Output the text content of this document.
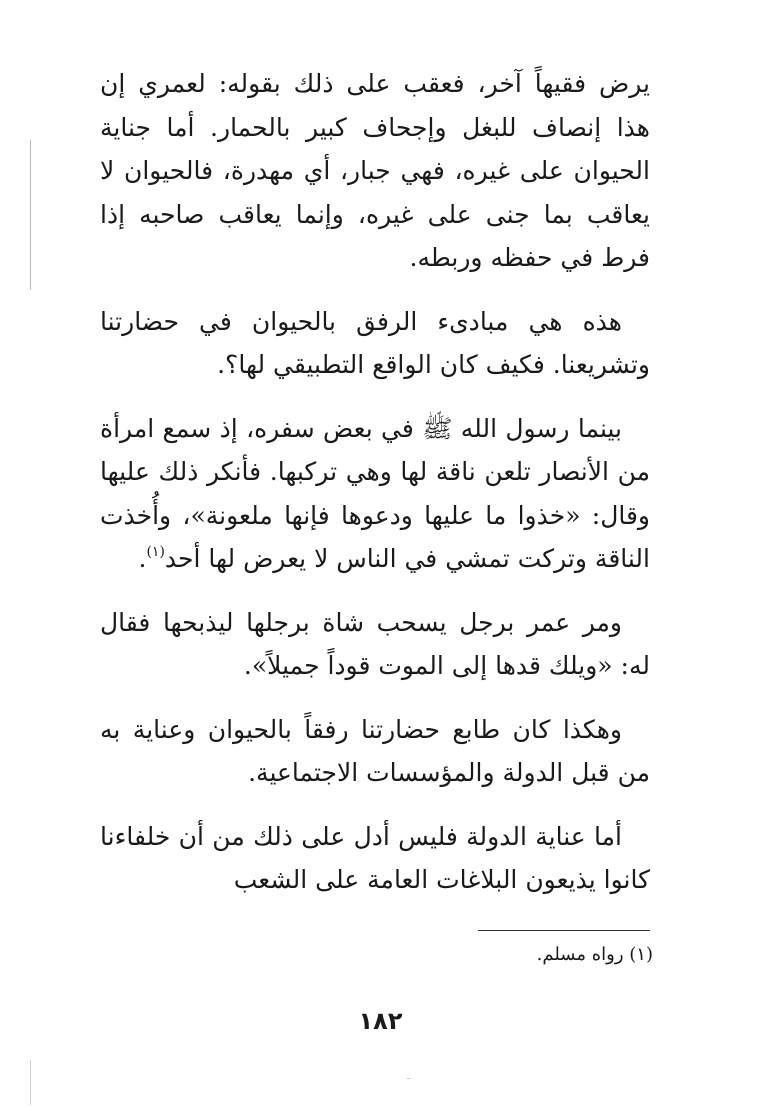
يرض فقيهاً آخر، فعقب على ذلك بقوله: لعمري إن هذا إنصاف للبغل وإجحاف كبير بالحمار. أما جناية الحيوان على غيره، فهي جبار، أي مهدرة، فالحيوان لا يعاقب بما جنى على غيره، وإنما يعاقب صاحبه إذا فرط في حفظه وربطه.

هذه هي مبادىء الرفق بالحيوان في حضارتنا وتشريعنا. فكيف كان الواقع التطبيقي لها؟.

بينما رسول الله ﷺ في بعض سفره، إذ سمع امرأة من الأنصار تلعن ناقة لها وهي تركبها. فأنكر ذلك عليها وقال: «خذوا ما عليها ودعوها فإنها ملعونة»، وأُخذت الناقة وتركت تمشي في الناس لا يعرض لها أحد$^{(١)}$.

ومر عمر برجل يسحب شاة برجلها ليذبحها فقال له: «ويلك قدها إلى الموت قوداً جميلاً».

وهكذا كان طابع حضارتنا رفقاً بالحيوان وعناية به من قبل الدولة والمؤسسات الاجتماعية.

أما عناية الدولة فليس أدل على ذلك من أن خلفاءنا كانوا يذيعون البلاغات العامة على الشعب

(١) رواه مسلم.
١٨٢
